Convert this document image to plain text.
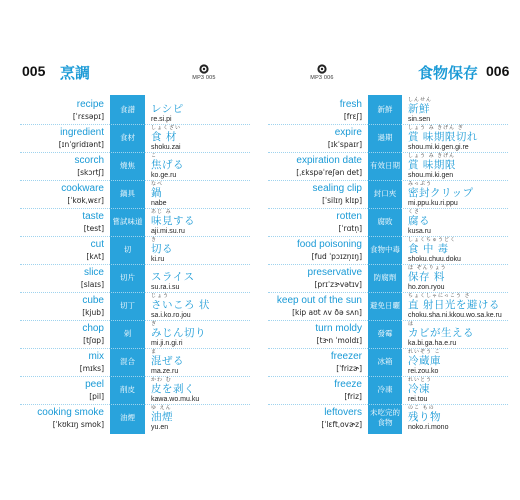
005 烹調	MP3 005
recipe
[ˈrɛsəpɪ]
食譜	レシピ
re.si.pi
ingredient
[ɪnˈgridɪənt]
食材
しょくざい
食 材
shoku.zai
scorch
[skɔrtʃ]
燒焦
こ
焦げる
ko.ge.ru
cookware
[ˈkʊkˌwɛr]
鍋具
なべ
鍋
nabe
taste
[test]
嘗試味道
あじ み
味見する
aji.mi.su.ru
cut
[kʌt]
切
き
切る
ki.ru
slice
[slaɪs]
切片	スライス
su.ra.i.su
cube
[kjub]
切丁
じょう
さいころ 状
sa.i.ko.ro.jou
chop
[tʃɑp]
剁
ぎ
みじん切り
mi.ji.n.gi.ri
mix
[mɪks]
混合
ま
混ぜる
ma.ze.ru
peel
[pil]
削皮
かわ む
皮を剥く
kawa.wo.mu.ku
cooking smoke
[ˈkʊkɪŋ smok]
油煙
ゆ えん
油煙
yu.en
MP3 006	食物保存 006
fresh
[frɛʃ]
新鮮
しんせん
新鮮
sin.sen
expire
[ɪkˈspaɪr]
過期
しょう み きげん ぎ
賞 味期限切れ
shou.mi.ki.gen.gi.re
expiration date
[ˌɛkspəˈreʃən det]
有效日期
しょう み きげん
賞 味期限
shou.mi.ki.gen
sealing clip
[ˈsilɪŋ klɪp]
封口夾
みっぷう
密封クリップ
mi.ppu.ku.ri.ppu
rotten
[ˈrɑtn̩]
腐敗
くさ
腐る
kusa.ru
food poisoning
[fud ˈpɔɪzn̩ɪŋ]
食物中毒
しょくちゅうどく
食 中 毒
shoku.chuu.doku
preservative
[prɪˈzɝvətɪv]
防腐劑
ほ ぞんりょう
保存 料
ho.zon.ryou
keep out of the sun
[kip aʊt ʌv ðə sʌn]
避免日曬
ちょくしゃにっこう さ
直 射日光を避ける
choku.sha.ni.kkou.wo.sa.ke.ru
turn moldy
[tɝn ˈmoldɪ]
發霉
は
カビが生える
ka.bi.ga.ha.e.ru
freezer
[ˈfrizɚ]
冰箱
れいぞう こ
冷蔵庫
rei.zou.ko
freeze
[friz]
冷凍
れいとう
冷凍
rei.tou
leftovers
[ˈlɛftˌovɚz]
未吃完的食物
のこ もの
残り物
noko.ri.mono
